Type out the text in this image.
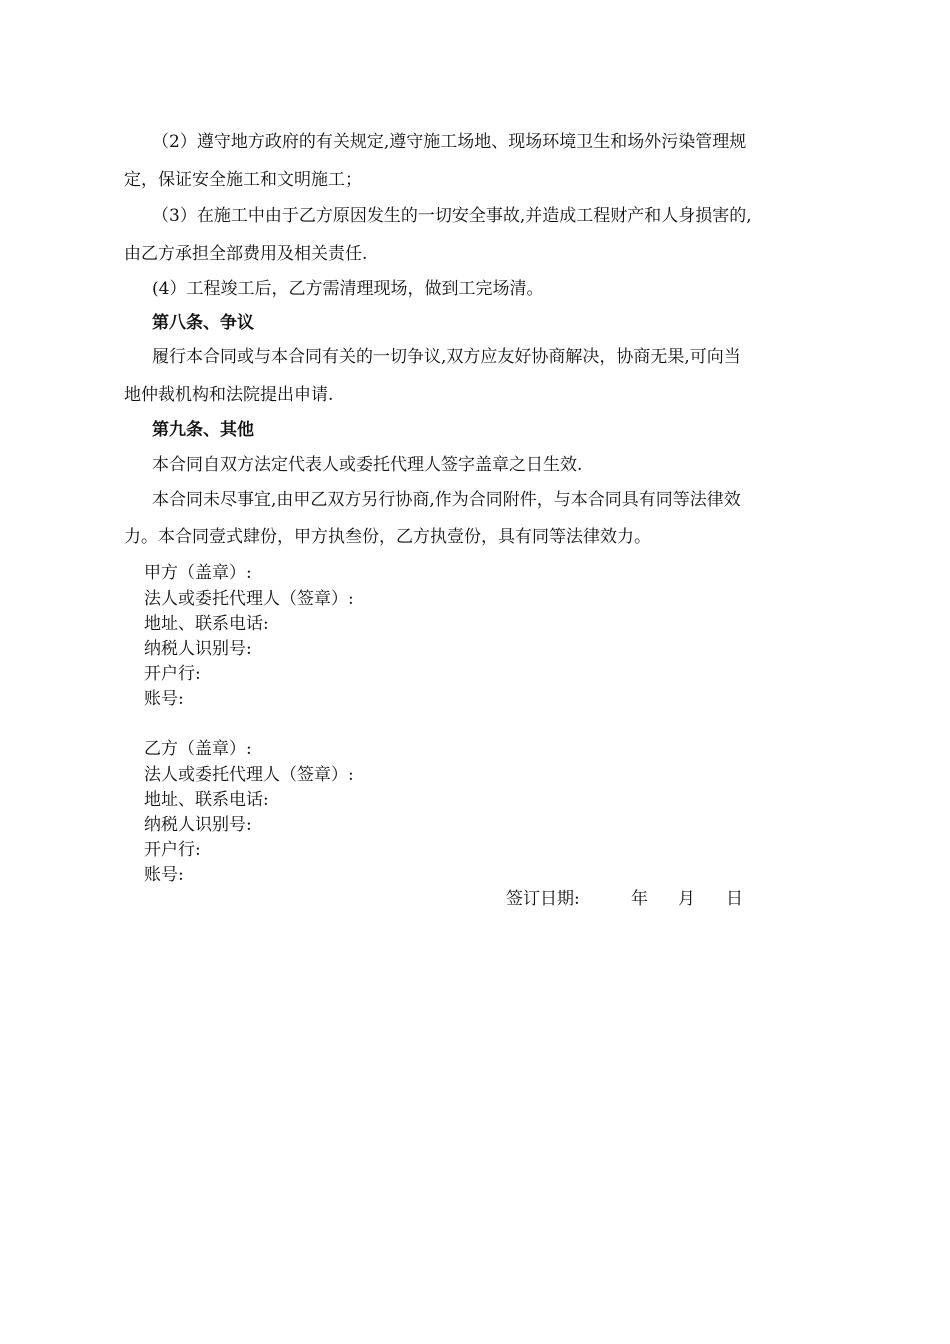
（2）遵守地方政府的有关规定,遵守施工场地、现场环境卫生和场外污染管理规
定，保证安全施工和文明施工；
（3）在施工中由于乙方原因发生的一切安全事故,并造成工程财产和人身损害的,
由乙方承担全部费用及相关责任.
(4）工程竣工后，乙方需清理现场，做到工完场清。
第八条、争议
履行本合同或与本合同有关的一切争议,双方应友好协商解决，协商无果,可向当
地仲裁机构和法院提出申请.
第九条、其他
本合同自双方法定代表人或委托代理人签字盖章之日生效.
本合同未尽事宜,由甲乙双方另行协商,作为合同附件，与本合同具有同等法律效
力。本合同壹式肆份，甲方执叁份，乙方执壹份，具有同等法律效力。
甲方（盖章）:
法人或委托代理人（签章）:
地址、联系电话:
纳税人识别号:
开户行:
账号:
乙方（盖章）:
法人或委托代理人（签章）:
地址、联系电话:
纳税人识别号:
开户行:
账号:
签订日期:	年 月 日
